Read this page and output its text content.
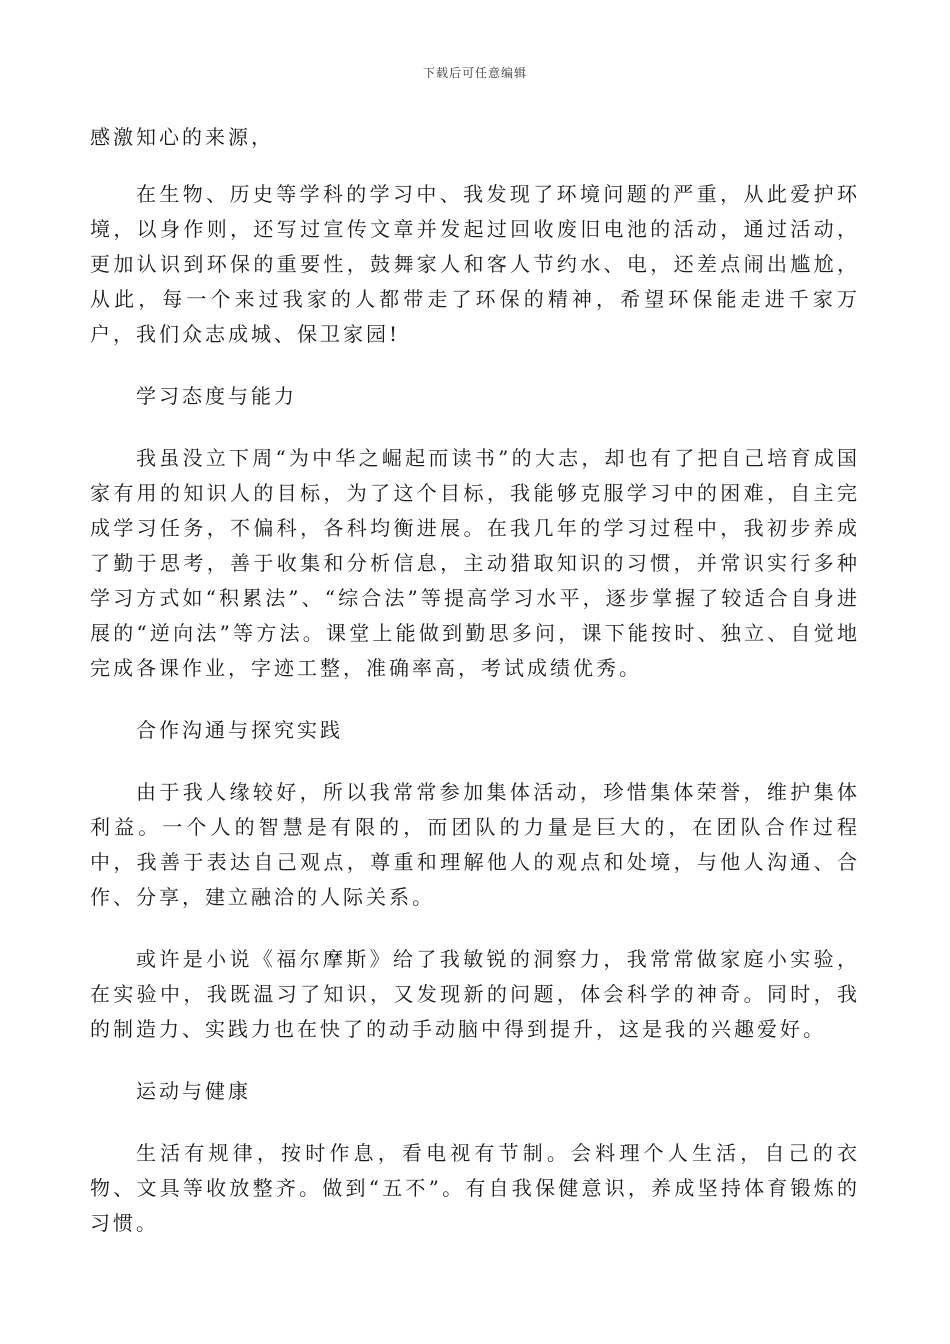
下载后可任意编辑

感激知心的来源，

在生物、历史等学科的学习中、我发现了环境问题的严重，从此爱护环境，以身作则，还写过宣传文章并发起过回收废旧电池的活动，通过活动，更加认识到环保的重要性，鼓舞家人和客人节约水、电，还差点闹出尴尬，从此，每一个来过我家的人都带走了环保的精神，希望环保能走进千家万户，我们众志成城、保卫家园!

学习态度与能力

我虽没立下周“为中华之崛起而读书”的大志，却也有了把自己培育成国家有用的知识人的目标，为了这个目标，我能够克服学习中的困难，自主完成学习任务，不偏科，各科均衡进展。在我几年的学习过程中，我初步养成了勤于思考，善于收集和分析信息，主动猎取知识的习惯，并常识实行多种学习方式如“积累法”、“综合法”等提高学习水平，逐步掌握了较适合自身进展的“逆向法”等方法。课堂上能做到勤思多问，课下能按时、独立、自觉地完成各课作业，字迹工整，准确率高，考试成绩优秀。

合作沟通与探究实践

由于我人缘较好，所以我常常参加集体活动，珍惜集体荣誉，维护集体利益。一个人的智慧是有限的，而团队的力量是巨大的，在团队合作过程中，我善于表达自己观点，尊重和理解他人的观点和处境，与他人沟通、合作、分享，建立融洽的人际关系。

或许是小说《福尔摩斯》给了我敏锐的洞察力，我常常做家庭小实验，在实验中，我既温习了知识，又发现新的问题，体会科学的神奇。同时，我的制造力、实践力也在快了的动手动脑中得到提升，这是我的兴趣爱好。

运动与健康

生活有规律，按时作息，看电视有节制。会料理个人生活，自己的衣物、文具等收放整齐。做到“五不”。有自我保健意识，养成坚持体育锻炼的习惯。
